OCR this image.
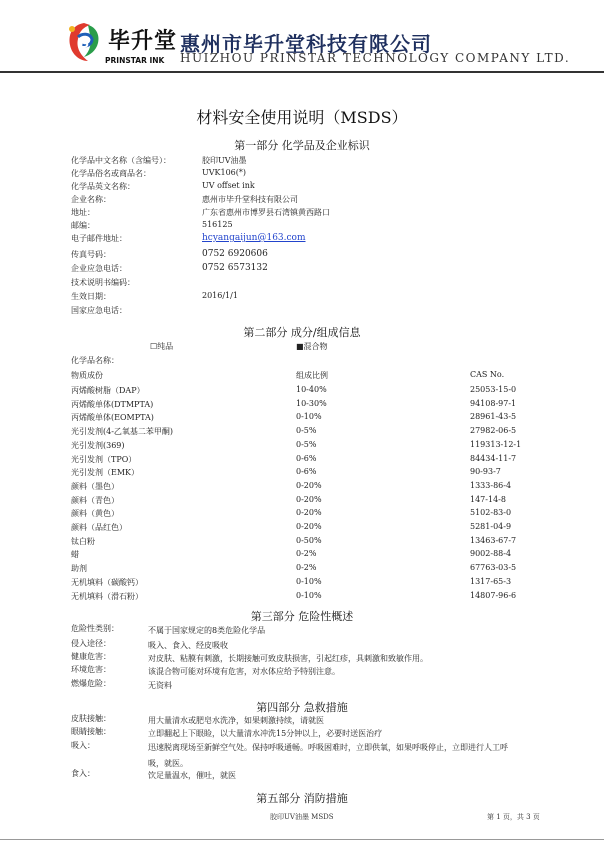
P 毕升堂
PRINSTAR INK
惠州市毕升堂科技有限公司
HUIZHOU PRINSTAR TECHNOLOGY COMPANY LTD.
材料安全使用说明（MSDS）
第一部分 化学品及企业标识
化学品中文名称（含编号）：	胶印UV油墨
化学品俗名或商品名：	UVK106(*)
化学品英文名称：	UV offset ink
企业名称：	惠州市毕升堂科技有限公司
地址：	广东省惠州市博罗县石湾镇黄西路口
邮编：	516125
电子邮件地址：	hcyangaijun@163.com
传真号码：	0752 6920606
企业应急电话：	0752 6573132
技术说明书编码：
生效日期：	2016/1/1
国家应急电话：
第二部分 成分/组成信息
☐纯品	■混合物
化学品名称：
物质成份	组成比例	CAS No.
丙烯酸树脂（DAP）	10-40%	25053-15-0
丙烯酸单体(DTMPTA)	10-30%	94108-97-1
丙烯酸单体(EOMPTA)	0-10%	28961-43-5
光引发剂(4-乙氧基二苯甲酮)	0-5%	27982-06-5
光引发剂(369)	0-5%	119313-12-1
光引发剂（TPO）	0-6%	84434-11-7
光引发剂（EMK）	0-6%	90-93-7
颜料（墨色）	0-20%	1333-86-4
颜料（青色）	0-20%	147-14-8
颜料（黄色）	0-20%	5102-83-0
颜料（品红色）	0-20%	5281-04-9
钛白粉	0-50%	13463-67-7
蜡	0-2%	9002-88-4
助剂	0-2%	67763-03-5
无机填料（碳酸钙）	0-10%	1317-65-3
无机填料（滑石粉）	0-10%	14807-96-6
第三部分 危险性概述
危险性类别：	不属于国家规定的8类危险化学品
侵入途径：	吸入、食入、经皮吸收
健康危害：	对皮肤、粘膜有刺激，长期接触可致皮肤损害，引起红疹，具刺激和致敏作用。
环境危害：	该混合物可能对环境有危害，对水体应给予特别注意。
燃爆危险：	无资料
第四部分 急救措施
皮肤接触：	用大量清水或肥皂水洗净，如果刺激持续，请就医
眼睛接触：	立即翻起上下眼睑，以大量清水冲洗15分钟以上，必要时送医治疗
吸入：	迅速脱离现场至新鲜空气处。保持呼吸通畅。呼吸困难时，立即供氧，如果呼吸停止，立即进行人工呼吸，就医。
食入：	饮足量温水，催吐，就医
第五部分 消防措施
胶印UV油墨 MSDS	第 1 页，共 3 页
